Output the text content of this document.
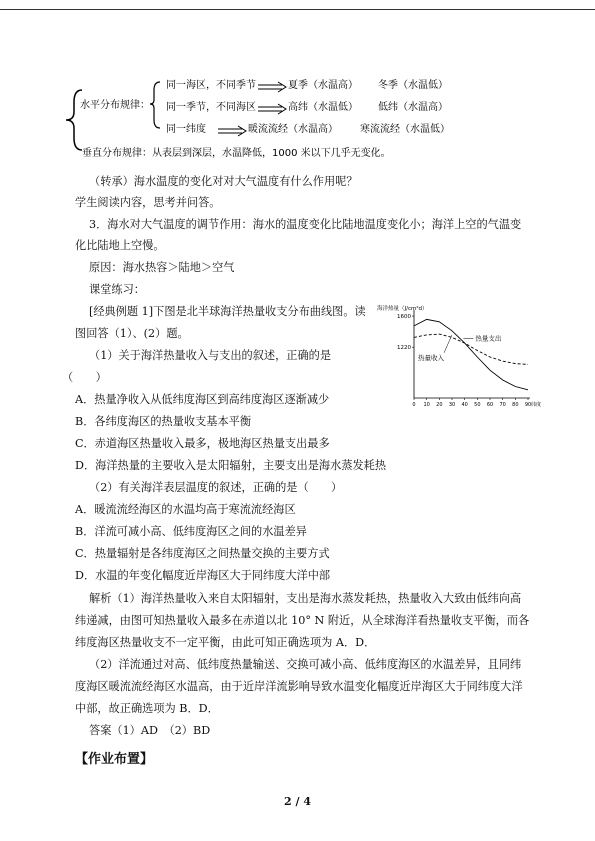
水平分布规律：
同一海区，不同季节	夏季（水温高） 冬季（水温低）
同一季节，不同海区	高纬（水温低） 低纬（水温高）
同一纬度	暖流流经（水温高） 寒流流经（水温低）
垂直分布规律：从表层到深层，水温降低，1000 米以下几乎无变化。
（转承）海水温度的变化对对大气温度有什么作用呢？
学生阅读内容，思考并问答。
3．海水对大气温度的调节作用：海水的温度变化比陆地温度变化小；海洋上空的气温变
化比陆地上空慢。
原因：海水热容＞陆地＞空气
课堂练习：
[经典例题 1]下图是北半球海洋热量收支分布曲线图。读
图回答（1）、(2）题。
（1）关于海洋热量收入与支出的叙述，正确的是
（　　）
A．热量净收入从低纬度海区到高纬度海区逐渐减少
B．各纬度海区的热量收支基本平衡
C．赤道海区热量收入最多，极地海区热量支出最多
D．海洋热量的主要收入是太阳辐射，主要支出是海水蒸发耗热
（2）有关海洋表层温度的叙述，正确的是（　　）
A．暖流流经海区的水温均高于寒流流经海区
B．洋流可减小高、低纬度海区之间的水温差异
C．热量辐射是各纬度海区之间热量交换的主要方式
D．水温的年变化幅度近岸海区大于同纬度大洋中部
解析（1）海洋热量收入来自太阳辐射，支出是海水蒸发耗热，热量收入大致由低纬向高
纬递减，由图可知热量收入最多在赤道以北 10° N 附近，从全球海洋看热量收支平衡，而各
纬度海区热量收支不一定平衡，由此可知正确选项为 A．D．
（2）洋流通过对高、低纬度热量输送、交换可减小高、低纬度海区的水温差异，且同纬
度海区暖流流经海区水温高，由于近岸洋流影响导致水温变化幅度近岸海区大于同纬度大洋
中部，故正确选项为 B．D．
答案（1）AD　（2）BD
【作业布置】
2 / 4
海洋热量（J/cm²d）
1600
1220
0 10 20 30 40 50 60 70 80 90 纬度
热量收入
热量支出
